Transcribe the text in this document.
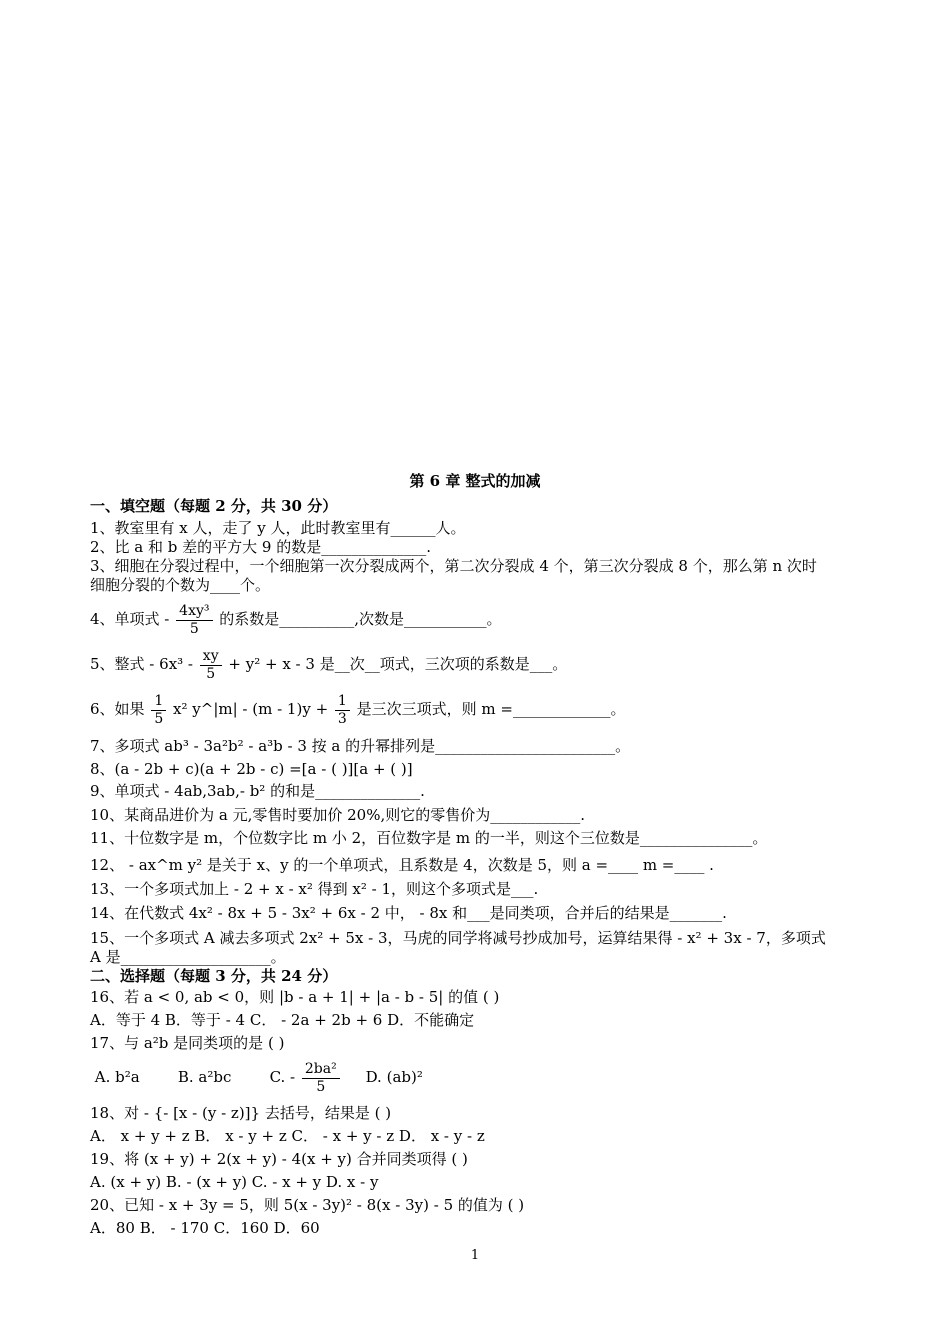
第 6 章 整式的加减
一、填空题（每题 2 分，共 30 分）
1、教室里有 x 人，走了 y 人，此时教室里有______人。
2、比 a 和 b 差的平方大 9 的数是______________.
3、细胞在分裂过程中，一个细胞第一次分裂成两个，第二次分裂成 4 个，第三次分裂成 8 个，那么第 n 次时
细胞分裂的个数为____个。
4、单项式 - $\frac{\text{4xy³}}{5}$ 的系数是__________,次数是___________。
5、整式 - $6x^3 - \frac{xy}{5} + y^2 + x - 3$ 是__次__项式，三次项的系数是___。
6、如果 $\frac{1}{5} x^2$ y^|m| - $(m - 1)y + \frac{1}{3}$ 是三次三项式，则 m =_____________。
7、多项式 ab³ - 3a²b² - a³b - 3 按 a 的升幂排列是________________________。
8、(a - 2b + c)(a + 2b - c) =[a - ( )][a + ( )]
9、单项式 - 4ab,3ab,- b² 的和是______________.
10、某商品进价为 a 元,零售时要加价 20%,则它的零售价为____________.
11、十位数字是 m，个位数字比 m 小 2，百位数字是 m 的一半，则这个三位数是_______________。
12、 - ax^m y² 是关于 x、y 的一个单项式，且系数是 4，次数是 5，则 a =____ m =____ .
13、一个多项式加上 - 2 + x - x² 得到 x² - 1，则这个多项式是___.
14、在代数式 4x² - 8x + 5 - 3x² + 6x - 2 中， - 8x 和___是同类项，合并后的结果是_______.
15、一个多项式 A 减去多项式 2x² + 5x - 3，马虎的同学将减号抄成加号，运算结果得 - x² + 3x - 7，多项式
A 是____________________。
二、选择题（每题 3 分，共 24 分）
16、若 a < 0, ab < 0，则 |b - a + 1| + |a - b - 5| 的值 ( )
A．等于 4 B．等于 - 4 C． - 2a + 2b + 6 D．不能确定
17、与 a²b 是同类项的是 ( )
A. b²a	B. a²bc	C. - $\frac{\text{2ba²}}{5} D$. (ab)²
18、对 - {- [x - (y - z)]} 去括号，结果是 ( )
A． x + y + z B． x - y + z C． - x + y - z D． x - y - z
19、将 (x + y) + 2(x + y) - 4(x + y) 合并同类项得 ( )
A. (x + y) B. - (x + y) C. - x + y D. x - y
20、已知 - x + 3y = 5，则 5(x - 3y)² - 8(x - 3y) - 5 的值为 ( )
A．80 B． - 170 C．160 D．60
1
